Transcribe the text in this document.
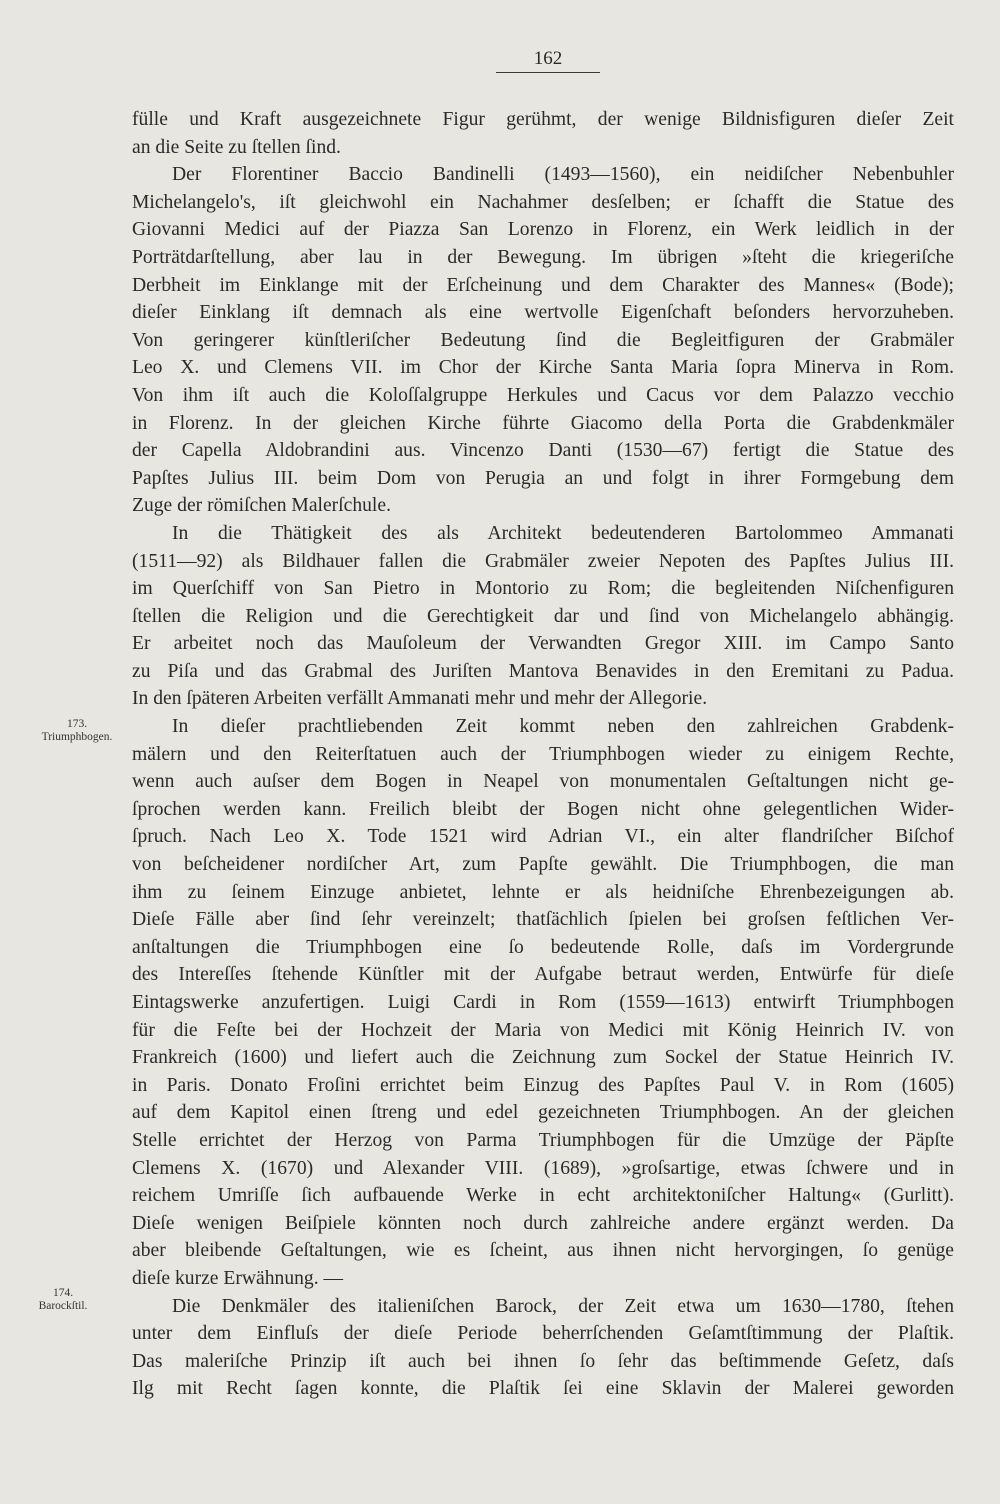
162
173.
Triumphbogen.
174.
Barockſtil.
fülle und Kraft ausgezeichnete Figur gerühmt, der wenige Bildnisfiguren dieſer Zeit
an die Seite zu ſtellen ſind.
Der Florentiner Baccio Bandinelli (1493—1560), ein neidiſcher Nebenbuhler
Michelangelo's, iſt gleichwohl ein Nachahmer desſelben; er ſchafft die Statue des
Giovanni Medici auf der Piazza San Lorenzo in Florenz, ein Werk leidlich in der
Porträtdarſtellung, aber lau in der Bewegung. Im übrigen »ſteht die kriegeriſche
Derbheit im Einklange mit der Erſcheinung und dem Charakter des Mannes« (Bode);
dieſer Einklang iſt demnach als eine wertvolle Eigenſchaft beſonders hervorzuheben.
Von geringerer künſtleriſcher Bedeutung ſind die Begleitfiguren der Grabmäler
Leo X. und Clemens VII. im Chor der Kirche Santa Maria ſopra Minerva in Rom.
Von ihm iſt auch die Koloſſalgruppe Herkules und Cacus vor dem Palazzo vecchio
in Florenz. In der gleichen Kirche führte Giacomo della Porta die Grabdenkmäler
der Capella Aldobrandini aus. Vincenzo Danti (1530—67) fertigt die Statue des
Papſtes Julius III. beim Dom von Perugia an und folgt in ihrer Formgebung dem
Zuge der römiſchen Malerſchule.
In die Thätigkeit des als Architekt bedeutenderen Bartolommeo Ammanati
(1511—92) als Bildhauer fallen die Grabmäler zweier Nepoten des Papſtes Julius III.
im Querſchiff von San Pietro in Montorio zu Rom; die begleitenden Niſchenfiguren
ſtellen die Religion und die Gerechtigkeit dar und ſind von Michelangelo abhängig.
Er arbeitet noch das Mauſoleum der Verwandten Gregor XIII. im Campo Santo
zu Piſa und das Grabmal des Juriſten Mantova Benavides in den Eremitani zu Padua.
In den ſpäteren Arbeiten verfällt Ammanati mehr und mehr der Allegorie.
In dieſer prachtliebenden Zeit kommt neben den zahlreichen Grabdenk-
mälern und den Reiterſtatuen auch der Triumphbogen wieder zu einigem Rechte,
wenn auch auſser dem Bogen in Neapel von monumentalen Geſtaltungen nicht ge-
ſprochen werden kann. Freilich bleibt der Bogen nicht ohne gelegentlichen Wider-
ſpruch. Nach Leo X. Tode 1521 wird Adrian VI., ein alter flandriſcher Biſchof
von beſcheidener nordiſcher Art, zum Papſte gewählt. Die Triumphbogen, die man
ihm zu ſeinem Einzuge anbietet, lehnte er als heidniſche Ehrenbezeigungen ab.
Dieſe Fälle aber ſind ſehr vereinzelt; thatſächlich ſpielen bei groſsen feſtlichen Ver-
anſtaltungen die Triumphbogen eine ſo bedeutende Rolle, daſs im Vordergrunde
des Intereſſes ſtehende Künſtler mit der Aufgabe betraut werden, Entwürfe für dieſe
Eintagswerke anzufertigen. Luigi Cardi in Rom (1559—1613) entwirft Triumphbogen
für die Feſte bei der Hochzeit der Maria von Medici mit König Heinrich IV. von
Frankreich (1600) und liefert auch die Zeichnung zum Sockel der Statue Heinrich IV.
in Paris. Donato Froſini errichtet beim Einzug des Papſtes Paul V. in Rom (1605)
auf dem Kapitol einen ſtreng und edel gezeichneten Triumphbogen. An der gleichen
Stelle errichtet der Herzog von Parma Triumphbogen für die Umzüge der Päpſte
Clemens X. (1670) und Alexander VIII. (1689), »groſsartige, etwas ſchwere und in
reichem Umriſſe ſich aufbauende Werke in echt architektoniſcher Haltung« (Gurlitt).
Dieſe wenigen Beiſpiele könnten noch durch zahlreiche andere ergänzt werden. Da
aber bleibende Geſtaltungen, wie es ſcheint, aus ihnen nicht hervorgingen, ſo genüge
dieſe kurze Erwähnung. —
Die Denkmäler des italieniſchen Barock, der Zeit etwa um 1630—1780, ſtehen
unter dem Einfluſs der dieſe Periode beherrſchenden Geſamtſtimmung der Plaſtik.
Das maleriſche Prinzip iſt auch bei ihnen ſo ſehr das beſtimmende Geſetz, daſs
Ilg mit Recht ſagen konnte, die Plaſtik ſei eine Sklavin der Malerei geworden
